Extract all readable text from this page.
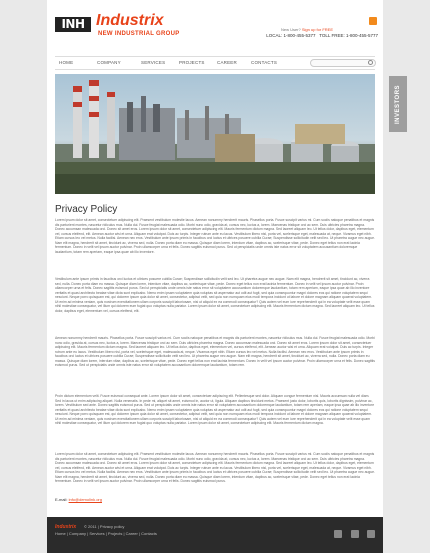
INH Industrix
NEW INDUSTRIAL GROUP
New User? Sign up for FREE
LOCAL: 1-800-455-5377 TOLL FREE: 1-800-455-5777
HOME	COMPANY	SERVICES	PROJECTS	CAREER	CONTACTS
Privacy Policy
Lorem ipsum dolor sit amet, consectetuer adipiscing elit. Praesent vestibulum molestie lacus. Aenean nonummy hendrerit mauris. Phasellus porta. Fusce suscipit varius mi. Cum sociis natoque penatibus et magnis dis parturient montes, nascetur ridiculus mus. Nulla dui. Fusce feugiat malesuada odio. Morbi nunc odio, gravida at, cursus nec, luctus a, lorem. Maecenas tristique orci ac sem. Duis ultricies pharetra magna. Donec accumsan malesuada orci. Donec sit amet eros. Lorem ipsum dolor sit amet, consectetuer adipiscing elit. Mauris fermentum dictum magna. Sed laoreet aliquam leo. Ut tellus dolor, dapibus eget, elementum vel, cursus eleifend, elit. Aenean auctor wisi et urna. Aliquam erat volutpat. Duis ac turpis. Integer rutrum ante eu lacus. Vestibulum libero nisl, porta vel, scelerisque eget, malesuada at, neque. Vivamus eget nibh. Etiam cursus leo vel metus. Nulla facilisi. Aenean nec eros. Vestibulum ante ipsum primis in faucibus orci luctus et ultrices posuere cubilia Curae; Suspendisse sollicitudin velit sed leo. Ut pharetra augue nec augue. Nam elit magna, hendrerit sit amet, tincidunt ac, viverra sed, nulla. Donec porta diam eu massa. Quisque diam lorem, interdum vitae, dapibus ac, scelerisque vitae, pede. Donec eget tellus non erat lacinia fermentum. Donec in velit vel ipsum auctor pulvinar. Proin ullamcorper urna et felis. Donec sagittis euismod purus. Sed ut perspiciatis unde omnis iste natus error sit voluptatem accusantium doloremque laudantium, totam rem aperiam, eaque ipsa quae ab illo inventore.
Vestibulum ante ipsum primis in faucibus orci luctus et ultrices posuere cubilia Curae; Suspendisse sollicitudin velit sed leo. Ut pharetra augue nec augue. Nam elit magna, hendrerit sit amet, tincidunt ac, viverra sed, nulla. Donec porta diam eu massa. Quisque diam lorem, interdum vitae, dapibus ac, scelerisque vitae, pede. Donec eget tellus non erat lacinia fermentum. Donec in velit vel ipsum auctor pulvinar. Proin ullamcorper urna et felis. Donec sagittis euismod purus. Sed ut perspiciatis unde omnis iste natus error sit voluptatem accusantium doloremque laudantium, totam rem aperiam, eaque ipsa quae ab illo inventore veritatis et quasi architecto beatae vitae dicta sunt explicabo. Nemo enim ipsam voluptatem quia voluptas sit aspernatur aut odit aut fugit, sed quia consequuntur magni dolores eos qui ratione voluptatem sequi nesciunt. Neque porro quisquam est, qui dolorem ipsum quia dolor sit amet, consectetur, adipisci velit, sed quia non numquam eius modi tempora incidunt ut labore et dolore magnam aliquam quaerat voluptatem. Ut enim ad minima veniam, quis nostrum exercitationem ullam corporis suscipit laboriosam, nisi ut aliquid ex ea commodi consequatur? Quis autem vel eum iure reprehenderit qui in ea voluptate velit esse quam nihil molestiae consequatur, vel illum qui dolorem eum fugiat quo voluptas nulla pariatur. Lorem ipsum dolor sit amet, consectetuer adipiscing elit. Mauris fermentum dictum magna. Sed laoreet aliquam leo. Ut tellus dolor, dapibus eget, elementum vel, cursus eleifend, elit.
Aenean nonummy hendrerit mauris. Phasellus porta. Fusce suscipit varius mi. Cum sociis natoque penatibus et magnis dis parturient montes, nascetur ridiculus mus. Nulla dui. Fusce feugiat malesuada odio. Morbi nunc odio, gravida at, cursus nec, luctus a, lorem. Maecenas tristique orci ac sem. Duis ultricies pharetra magna. Donec accumsan malesuada orci. Donec sit amet eros. Lorem ipsum dolor sit amet, consectetuer adipiscing elit. Mauris fermentum dictum magna. Sed laoreet aliquam leo. Ut tellus dolor, dapibus eget, elementum vel, cursus eleifend, elit. Aenean auctor wisi et urna. Aliquam erat volutpat. Duis ac turpis. Integer rutrum ante eu lacus. Vestibulum libero nisl, porta vel, scelerisque eget, malesuada at, neque. Vivamus eget nibh. Etiam cursus leo vel metus. Nulla facilisi. Aenean nec eros. Vestibulum ante ipsum primis in faucibus orci luctus et ultrices posuere cubilia Curae; Suspendisse sollicitudin velit sed leo. Ut pharetra augue nec augue. Nam elit magna, hendrerit sit amet, tincidunt ac, viverra sed, nulla. Donec porta diam eu massa. Quisque diam lorem, interdum vitae, dapibus ac, scelerisque vitae, pede. Donec eget tellus non erat lacinia fermentum. Donec in velit vel ipsum auctor pulvinar. Proin ullamcorper urna et felis. Donec sagittis euismod purus. Sed ut perspiciatis unde omnis iste natus error sit voluptatem accusantium doloremque laudantium, totam rem.
Proin dictum elementum velit. Fusce euismod consequat ante. Lorem ipsum dolor sit amet, consectetuer adipiscing elit. Pellentesque sed dolor. Aliquam congue fermentum nisl. Mauris accumsan nulla vel diam. Sed in lacus ut enim adipiscing aliquet. Nulla venenatis. In pede mi, aliquet sit amet, euismod in, auctor ut, ligula. Aliquam dapibus tincidunt metus. Praesent justo dolor, lobortis quis, lobortis dignissim, pulvinar ac, lorem. Vestibulum sed ante. Donec sagittis euismod purus. Sed ut perspiciatis unde omnis iste natus error sit voluptatem accusantium doloremque laudantium, totam rem aperiam, eaque ipsa quae ab illo inventore veritatis et quasi architecto beatae vitae dicta sunt explicabo. Nemo enim ipsam voluptatem quia voluptas sit aspernatur aut odit aut fugit, sed quia consequuntur magni dolores eos qui ratione voluptatem sequi nesciunt. Neque porro quisquam est, qui dolorem ipsum quia dolor sit amet, consectetur, adipisci velit, sed quia non numquam eius modi tempora incidunt ut labore et dolore magnam aliquam quaerat voluptatem. Ut enim ad minima veniam, quis nostrum exercitationem ullam corporis suscipit laboriosam, nisi ut aliquid ex ea commodi consequatur? Quis autem vel eum iure reprehenderit qui in ea voluptate velit esse quam nihil molestiae consequatur, vel illum qui dolorem eum fugiat quo voluptas nulla pariatur. Lorem ipsum dolor sit amet, consectetuer adipiscing elit. Mauris fermentum dictum magna.
Lorem ipsum dolor sit amet, consectetuer adipiscing elit. Praesent vestibulum molestie lacus. Aenean nonummy hendrerit mauris. Phasellus porta. Fusce suscipit varius mi. Cum sociis natoque penatibus et magnis dis parturient montes, nascetur ridiculus mus. Nulla dui. Fusce feugiat malesuada odio. Morbi nunc odio, gravida at, cursus nec, luctus a, lorem. Maecenas tristique orci ac sem. Duis ultricies pharetra magna. Donec accumsan malesuada orci. Donec sit amet eros. Lorem ipsum dolor sit amet, consectetuer adipiscing elit. Mauris fermentum dictum magna. Sed laoreet aliquam leo. Ut tellus dolor, dapibus eget, elementum vel, cursus eleifend, elit. Aenean auctor wisi et urna. Aliquam erat volutpat. Duis ac turpis. Integer rutrum ante eu lacus. Vestibulum libero nisl, porta vel, scelerisque eget, malesuada at, neque. Vivamus eget nibh. Etiam cursus leo vel metus. Nulla facilisi. Aenean nec eros. Vestibulum ante ipsum primis in faucibus orci luctus et ultrices posuere cubilia Curae; Suspendisse sollicitudin velit sed leo. Ut pharetra augue nec augue. Nam elit magna, hendrerit sit amet, tincidunt ac, viverra sed, nulla. Donec porta diam eu massa. Quisque diam lorem, interdum vitae, dapibus ac, scelerisque vitae, pede. Donec eget tellus non erat lacinia fermentum. Donec in velit vel ipsum auctor pulvinar. Proin ullamcorper urna et felis. Donec sagittis euismod purus.
E-mail: info@demolink.org
INVESTORS
Industrix © 2011 | Privacy policy
Home | Company | Services | Projects | Career | Contacts
